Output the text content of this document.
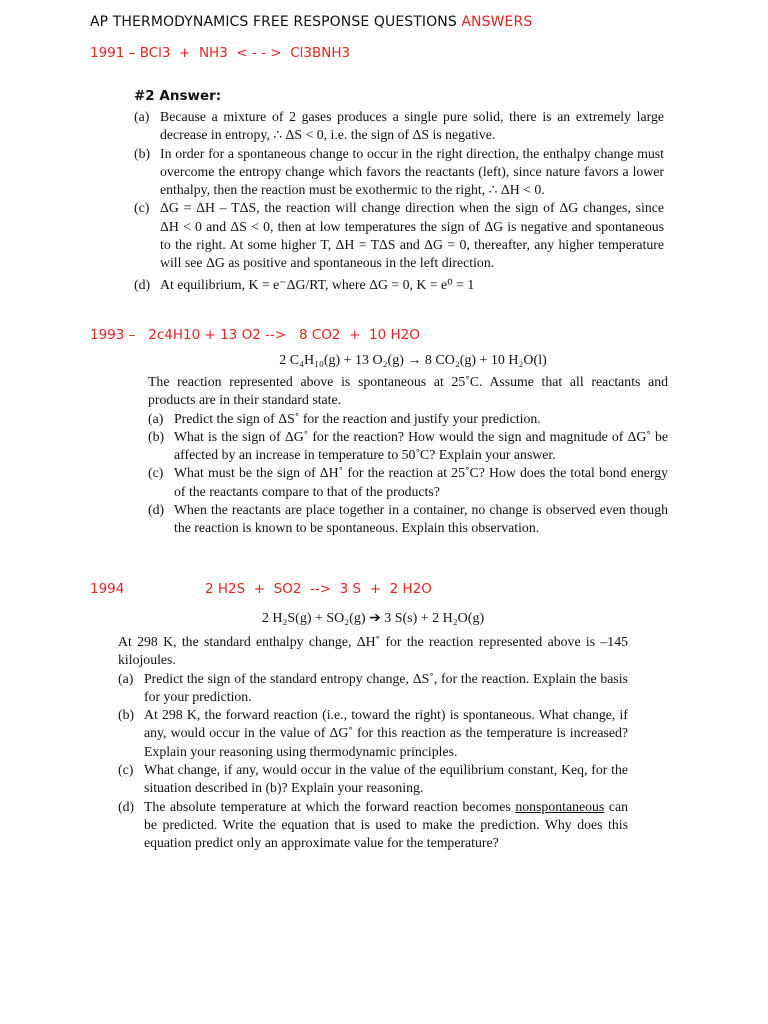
AP THERMODYNAMICS FREE RESPONSE QUESTIONS ANSWERS
1991 – BCl3  +  NH3  < - - >  Cl3BNH3
#2 Answer:
(a) Because a mixture of 2 gases produces a single pure solid, there is an extremely large decrease in entropy, ∴ ΔS < 0, i.e. the sign of ΔS is negative.
(b) In order for a spontaneous change to occur in the right direction, the enthalpy change must overcome the entropy change which favors the reactants (left), since nature favors a lower enthalpy, then the reaction must be exothermic to the right, ∴ ΔH < 0.
(c) ΔG = ΔH – TΔS, the reaction will change direction when the sign of ΔG changes, since ΔH < 0 and ΔS < 0, then at low temperatures the sign of ΔG is negative and spontaneous to the right. At some higher T, ΔH = TΔS and ΔG = 0, thereafter, any higher temperature will see ΔG as positive and spontaneous in the left direction.
(d) At equilibrium, K = e⁻ΔG/RT, where ΔG = 0, K = e⁰ = 1
1993 –   2c4H10 + 13 O2 -->   8 CO2  +  10 H2O
2 C₄H₁₀(g) + 13 O₂(g) → 8 CO₂(g) + 10 H₂O(l)
The reaction represented above is spontaneous at 25˚C. Assume that all reactants and products are in their standard state.
(a) Predict the sign of ΔS˚ for the reaction and justify your prediction.
(b) What is the sign of ΔG˚ for the reaction? How would the sign and magnitude of ΔG˚ be affected by an increase in temperature to 50˚C? Explain your answer.
(c) What must be the sign of ΔH˚ for the reaction at 25˚C? How does the total bond energy of the reactants compare to that of the products?
(d) When the reactants are place together in a container, no change is observed even though the reaction is known to be spontaneous. Explain this observation.
1994	2 H2S  +  SO2  -->  3 S  +  2 H2O
2 H₂S(g) + SO₂(g) ➔ 3 S(s) + 2 H₂O(g)
At 298 K, the standard enthalpy change, ΔH˚ for the reaction represented above is –145 kilojoules.
(a) Predict the sign of the standard entropy change, ΔS˚, for the reaction. Explain the basis for your prediction.
(b) At 298 K, the forward reaction (i.e., toward the right) is spontaneous. What change, if any, would occur in the value of ΔG˚ for this reaction as the temperature is increased? Explain your reasoning using thermodynamic principles.
(c) What change, if any, would occur in the value of the equilibrium constant, Keq, for the situation described in (b)? Explain your reasoning.
(d) The absolute temperature at which the forward reaction becomes nonspontaneous can be predicted. Write the equation that is used to make the prediction. Why does this equation predict only an approximate value for the temperature?
